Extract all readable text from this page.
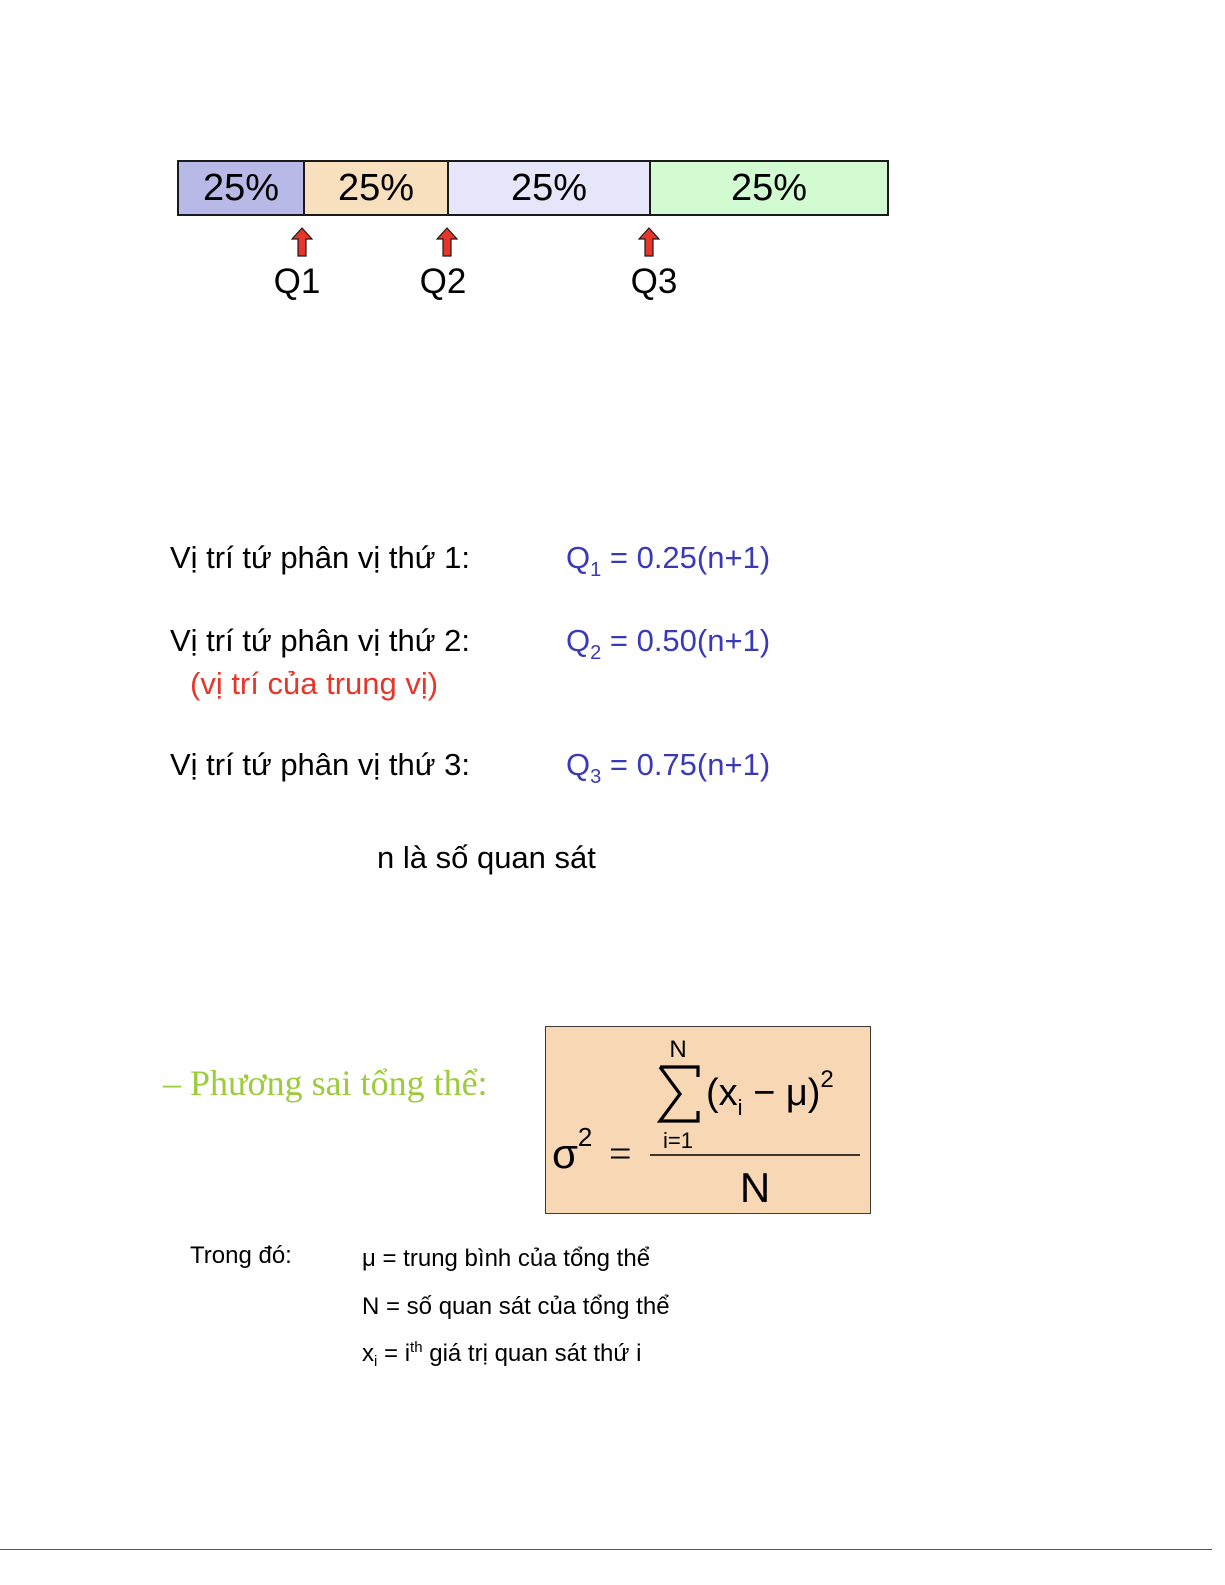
25% 25%	25%	25%
Q1	Q2	Q3
Vị trí tứ phân vị thứ 1:	$Q_1 = 0.25(n+1)$
Vị trí tứ phân vị thứ 2:	$Q_2 = 0.50(n+1)$
(vị trí của trung vị)
Vị trí tứ phân vị thứ 3:	$Q_3 = 0.75(n+1)$
n là số quan sát
– Phương sai tổng thể:
N
i=1
$(x_i - \mu)^2$
N
$\sigma^2$ =
Trong đó:	μ = trung bình của tổng thể
N = số quan sát của tổng thể
$x_i = i^{th}$ giá trị quan sát thứ i
